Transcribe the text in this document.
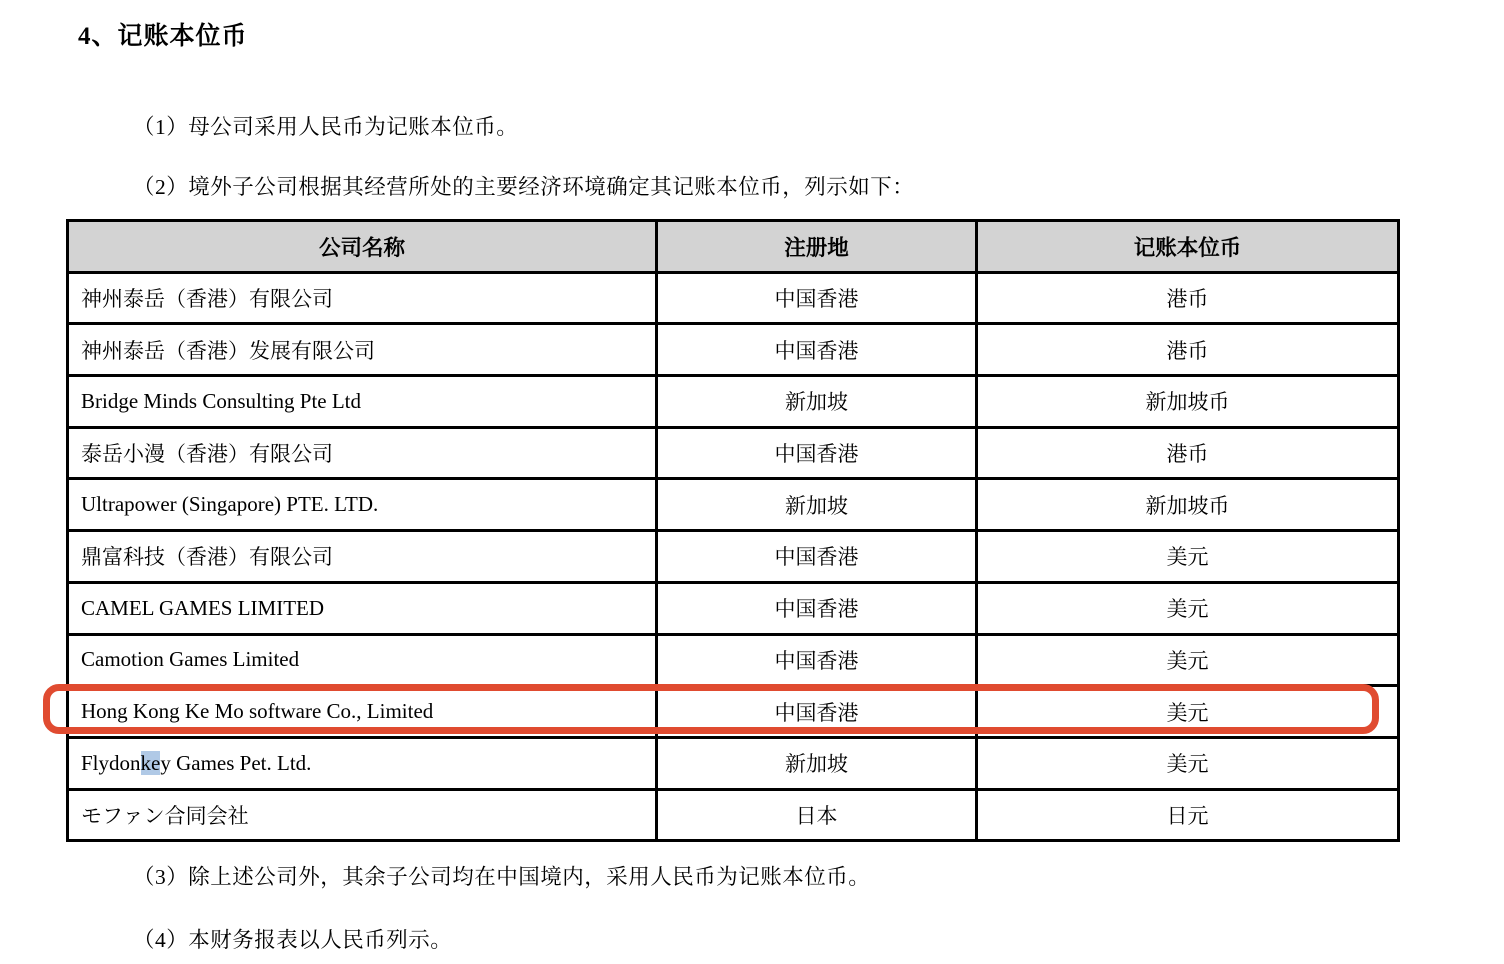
4、记账本位币
（1）母公司采用人民币为记账本位币。
（2）境外子公司根据其经营所处的主要经济环境确定其记账本位币，列示如下：
公司名称	注册地	记账本位币
神州泰岳（香港）有限公司	中国香港	港币
神州泰岳（香港）发展有限公司	中国香港	港币
Bridge Minds Consulting Pte Ltd	新加坡	新加坡币
泰岳小漫（香港）有限公司	中国香港	港币
Ultrapower (Singapore) PTE. LTD.	新加坡	新加坡币
鼎富科技（香港）有限公司	中国香港	美元
CAMEL GAMES LIMITED	中国香港	美元
Camotion Games Limited	中国香港	美元
Hong Kong Ke Mo software Co., Limited	中国香港	美元
Flydonkey Games Pet. Ltd.	新加坡	美元
モファン合同会社	日本	日元
（3）除上述公司外，其余子公司均在中国境内，采用人民币为记账本位币。
（4）本财务报表以人民币列示。
